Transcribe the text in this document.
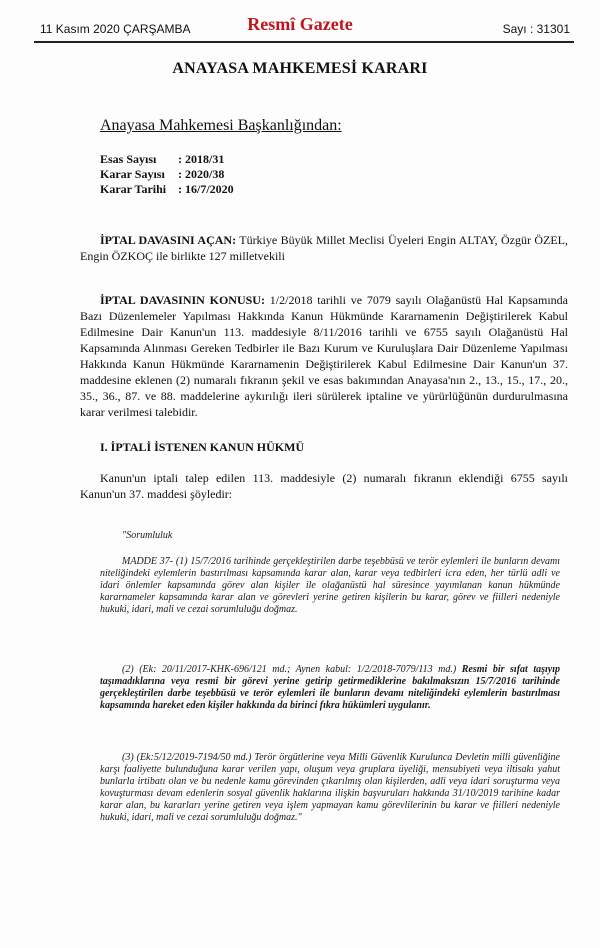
11 Kasım 2020 ÇARŞAMBA	Resmî Gazete	Sayı : 31301
ANAYASA MAHKEMESİ KARARI
Anayasa Mahkemesi Başkanlığından:
Esas Sayısı : 2018/31
Karar Sayısı : 2020/38
Karar Tarihi : 16/7/2020
İPTAL DAVASINI AÇAN: Türkiye Büyük Millet Meclisi Üyeleri Engin ALTAY, Özgür ÖZEL, Engin ÖZKOÇ ile birlikte 127 milletvekili
İPTAL DAVASININ KONUSU: 1/2/2018 tarihli ve 7079 sayılı Olağanüstü Hal Kapsamında Bazı Düzenlemeler Yapılması Hakkında Kanun Hükmünde Kararnamenin Değiştirilerek Kabul Edilmesine Dair Kanun'un 113. maddesiyle 8/11/2016 tarihli ve 6755 sayılı Olağanüstü Hal Kapsamında Alınması Gereken Tedbirler ile Bazı Kurum ve Kuruluşlara Dair Düzenleme Yapılması Hakkında Kanun Hükmünde Kararnamenin Değiştirilerek Kabul Edilmesine Dair Kanun'un 37. maddesine eklenen (2) numaralı fıkranın şekil ve esas bakımından Anayasa'nın 2., 13., 15., 17., 20., 35., 36., 87. ve 88. maddelerine aykırılığı ileri sürülerek iptaline ve yürürlüğünün durdurulmasına karar verilmesi talebidir.
I. İPTALİ İSTENEN KANUN HÜKMÜ
Kanun'un iptali talep edilen 113. maddesiyle (2) numaralı fıkranın eklendiği 6755 sayılı Kanun'un 37. maddesi şöyledir:
"Sorumluluk
MADDE 37- (1) 15/7/2016 tarihinde gerçekleştirilen darbe teşebbüsü ve terör eylemleri ile bunların devamı niteliğindeki eylemlerin bastırılması kapsamında karar alan, karar veya tedbirleri icra eden, her türlü adli ve idari önlemler kapsamında görev alan kişiler ile olağanüstü hal süresince yayımlanan kanun hükmünde kararnameler kapsamında karar alan ve görevleri yerine getiren kişilerin bu karar, görev ve fiilleri nedeniyle hukuki, idari, mali ve cezai sorumluluğu doğmaz.
(2) (Ek: 20/11/2017-KHK-696/121 md.; Aynen kabul: 1/2/2018-7079/113 md.) Resmi bir sıfat taşıyıp taşımadıklarına veya resmi bir görevi yerine getirip getirmediklerine bakılmaksızın 15/7/2016 tarihinde gerçekleştirilen darbe teşebbüsü ve terör eylemleri ile bunların devamı niteliğindeki eylemlerin bastırılması kapsamında hareket eden kişiler hakkında da birinci fıkra hükümleri uygulanır.
(3) (Ek:5/12/2019-7194/50 md.) Terör örgütlerine veya Milli Güvenlik Kurulunca Devletin milli güvenliğine karşı faaliyette bulunduğuna karar verilen yapı, oluşum veya gruplara üyeliği, mensubiyeti veya iltisakı yahut bunlarla irtibatı olan ve bu nedenle kamu görevinden çıkarılmış olan kişilerden, adli veya idari soruşturma veya kovuşturması devam edenlerin sosyal güvenlik haklarına ilişkin başvuruları hakkında 31/10/2019 tarihine kadar karar alan, bu kararları yerine getiren veya işlem yapmayan kamu görevlilerinin bu karar ve fiilleri nedeniyle hukuki, idari, mali ve cezai sorumluluğu doğmaz."
